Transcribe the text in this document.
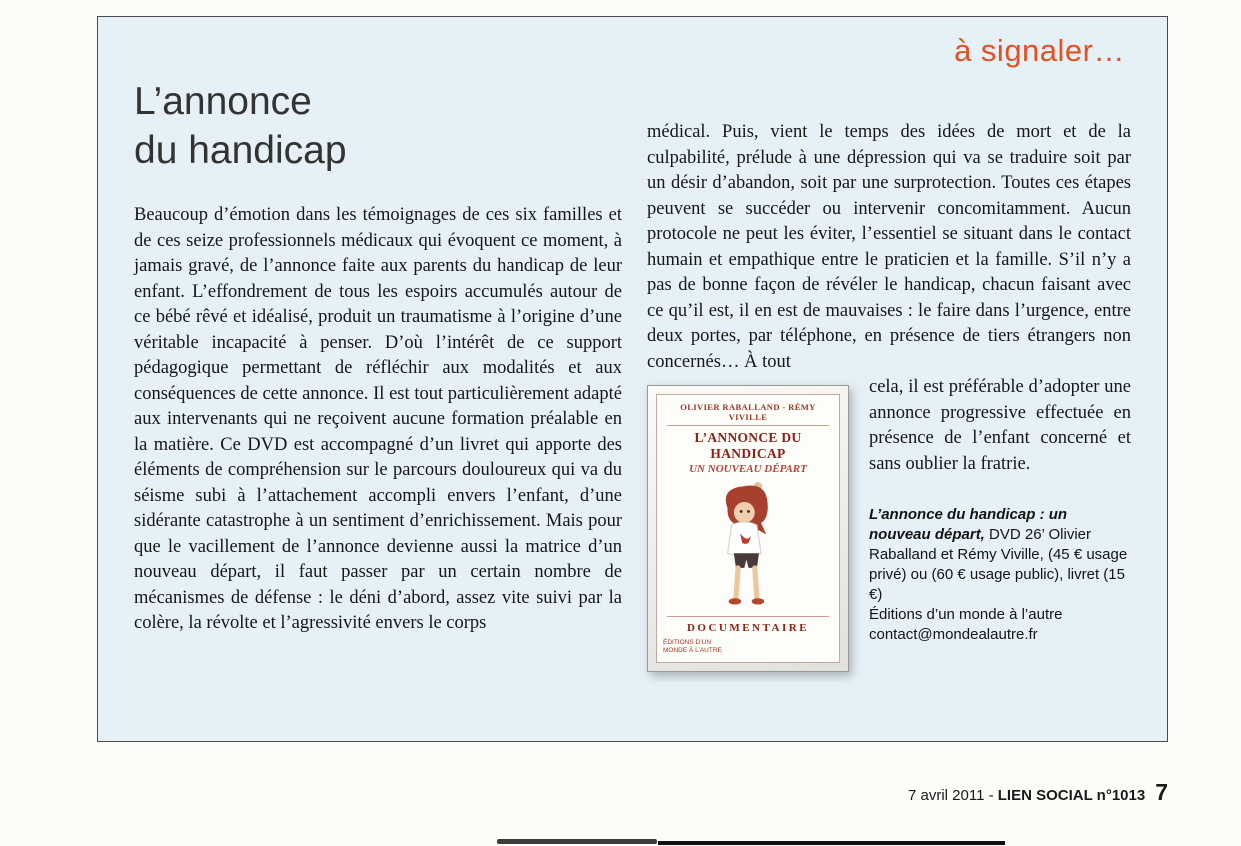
à signaler…
L’annonce
du handicap

Beaucoup d’émotion dans les témoignages de ces six familles et de ces seize professionnels médicaux qui évoquent ce moment, à jamais gravé, de l’annonce faite aux parents du handicap de leur enfant. L’effondrement de tous les espoirs accumulés autour de ce bébé rêvé et idéalisé, produit un traumatisme à l’origine d’une véritable incapacité à penser. D’où l’intérêt de ce support pédagogique permettant de réfléchir aux modalités et aux conséquences de cette annonce. Il est tout particulièrement adapté aux intervenants qui ne reçoivent aucune formation préalable en la matière. Ce DVD est accompagné d’un livret qui apporte des éléments de compréhension sur le parcours douloureux qui va du séisme subi à l’attachement accompli envers l’enfant, d’une sidérante catastrophe à un sentiment d’enrichissement. Mais pour que le vacillement de l’annonce devienne aussi la matrice d’un nouveau départ, il faut passer par un certain nombre de mécanismes de défense : le déni d’abord, assez vite suivi par la colère, la révolte et l’agressivité envers le corps

médical. Puis, vient le temps des idées de mort et de la culpabilité, prélude à une dépression qui va se traduire soit par un désir d’abandon, soit par une surprotection. Toutes ces étapes peuvent se succéder ou intervenir concomitamment. Aucun protocole ne peut les éviter, l’essentiel se situant dans le contact humain et empathique entre le praticien et la famille. S’il n’y a pas de bonne façon de révéler le handicap, chacun faisant avec ce qu’il est, il en est de mauvaises : le faire dans l’urgence, entre deux portes, par téléphone, en présence de tiers étrangers non concernés… À tout

OLIVIER RABALLAND - RÉMY VIVILLE
L’ANNONCE DU HANDICAP
UN NOUVEAU DÉPART
DOCUMENTAIRE
ÉDITIONS D’UN MONDE À L’AUTRE

cela, il est préférable d’adopter une annonce progressive effectuée en présence de l’enfant concerné et sans oublier la fratrie.

L’annonce du handicap : un nouveau départ, DVD 26’ Olivier Raballand et Rémy Viville, (45 € usage privé) ou (60 € usage public), livret (15 €)
Éditions d’un monde à l’autre
contact@mondealautre.fr
7 avril 2011 - LIEN SOCIAL n°1013 7
